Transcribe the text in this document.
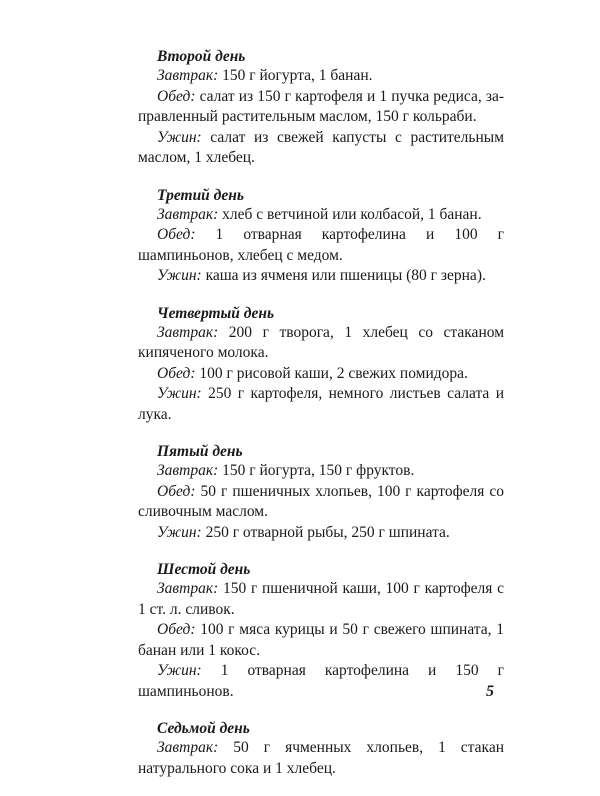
Второй день

Завтрак: 150 г йогурта, 1 банан.

Обед: салат из 150 г картофеля и 1 пучка редиса, заправленный растительным маслом, 150 г кольраби.

Ужин: салат из свежей капусты с растительным маслом, 1 хлебец.

Третий день

Завтрак: хлеб с ветчиной или колбасой, 1 банан.

Обед: 1 отварная картофелина и 100 г шампиньонов, хлебец с медом.

Ужин: каша из ячменя или пшеницы (80 г зерна).

Четвертый день

Завтрак: 200 г творога, 1 хлебец со стаканом кипяченого молока.

Обед: 100 г рисовой каши, 2 свежих помидора.

Ужин: 250 г картофеля, немного листьев салата и лука.

Пятый день

Завтрак: 150 г йогурта, 150 г фруктов.

Обед: 50 г пшеничных хлопьев, 100 г картофеля со сливочным маслом.

Ужин: 250 г отварной рыбы, 250 г шпината.

Шестой день

Завтрак: 150 г пшеничной каши, 100 г картофеля с 1 ст. л. сливок.

Обед: 100 г мяса курицы и 50 г свежего шпината, 1 банан или 1 кокос.

Ужин: 1 отварная картофелина и 150 г шампиньонов.

Седьмой день

Завтрак: 50 г ячменных хлопьев, 1 стакан натурального сока и 1 хлебец.

5
